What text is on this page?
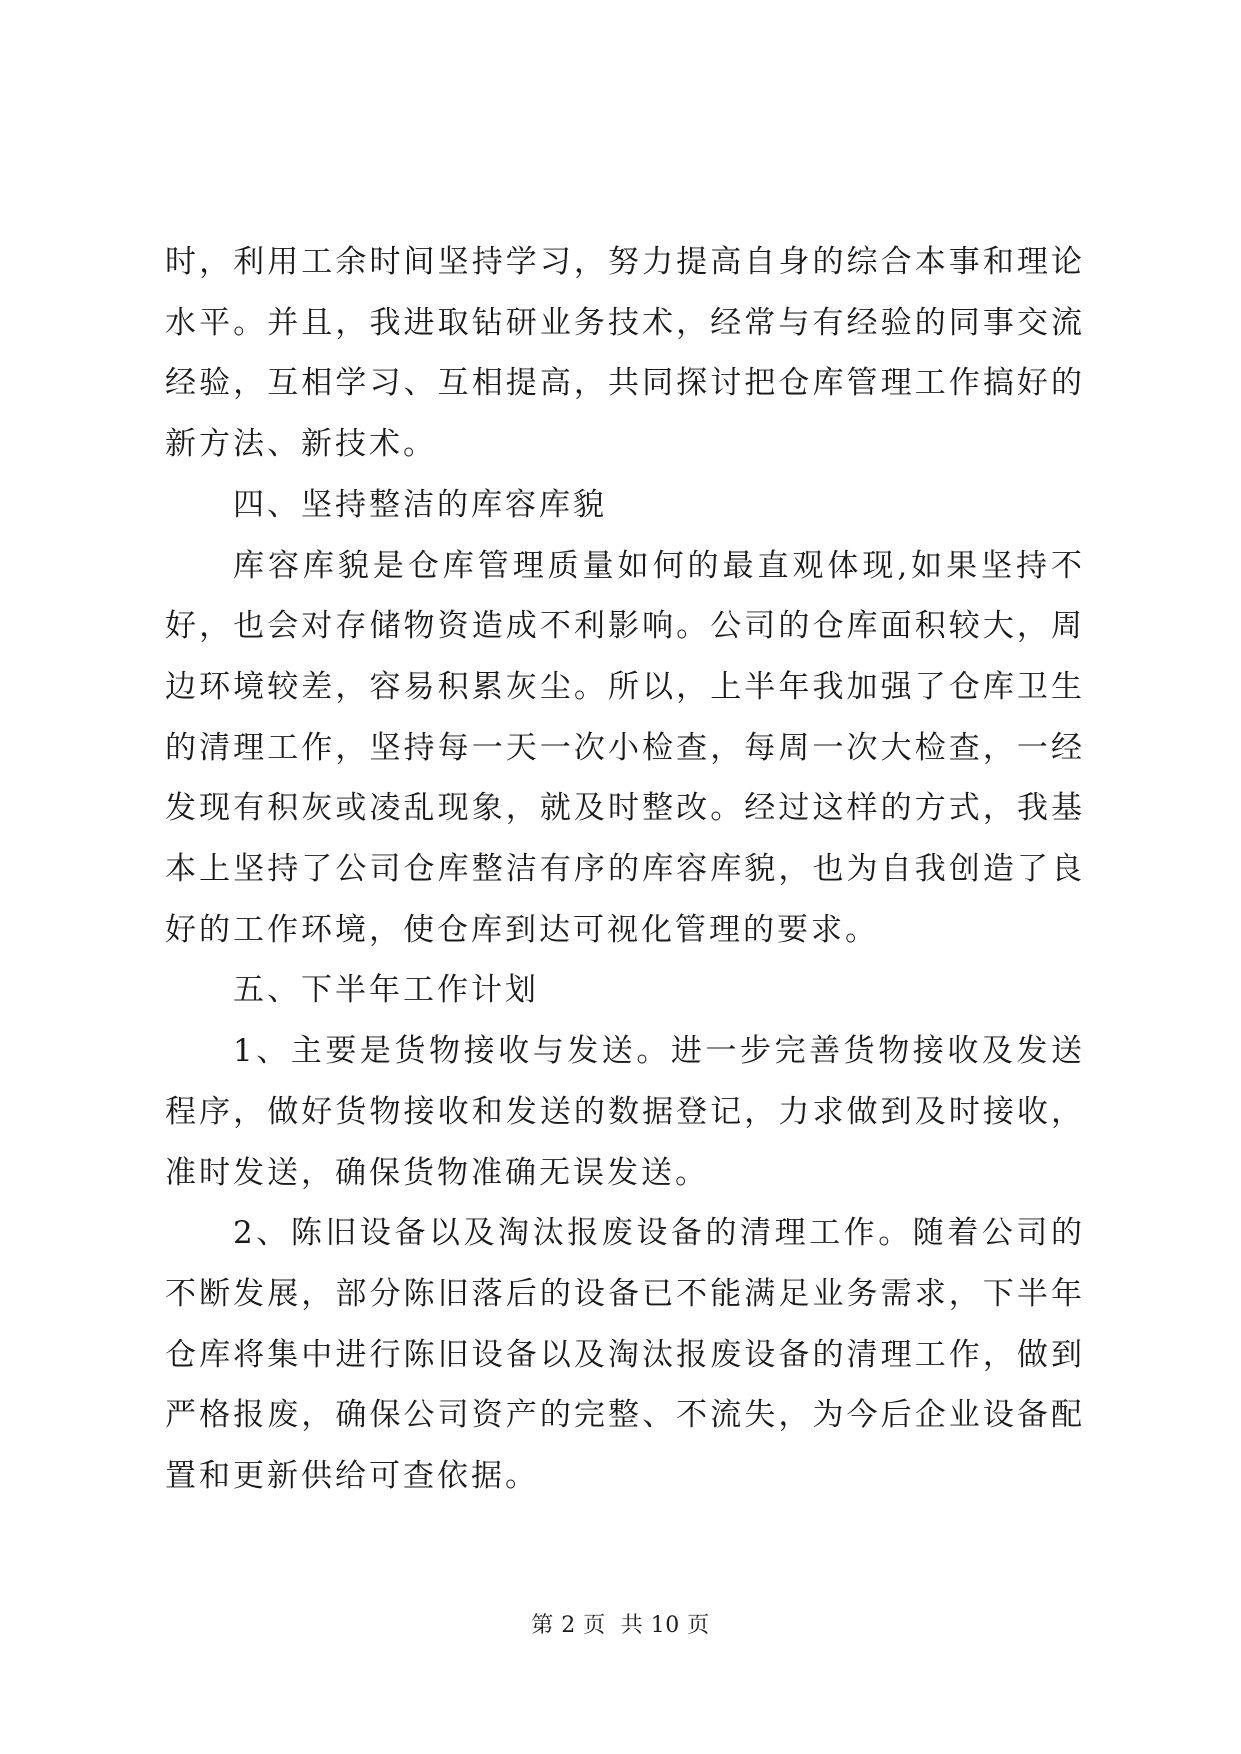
时，利用工余时间坚持学习，努力提高自身的综合本事和理论水平。并且，我进取钻研业务技术，经常与有经验的同事交流经验，互相学习、互相提高，共同探讨把仓库管理工作搞好的新方法、新技术。

四、坚持整洁的库容库貌

库容库貌是仓库管理质量如何的最直观体现,如果坚持不好，也会对存储物资造成不利影响。公司的仓库面积较大，周边环境较差，容易积累灰尘。所以，上半年我加强了仓库卫生的清理工作，坚持每一天一次小检查，每周一次大检查，一经发现有积灰或凌乱现象，就及时整改。经过这样的方式，我基本上坚持了公司仓库整洁有序的库容库貌，也为自我创造了良好的工作环境，使仓库到达可视化管理的要求。

五、下半年工作计划

1、主要是货物接收与发送。进一步完善货物接收及发送程序，做好货物接收和发送的数据登记，力求做到及时接收，准时发送，确保货物准确无误发送。

2、陈旧设备以及淘汰报废设备的清理工作。随着公司的不断发展，部分陈旧落后的设备已不能满足业务需求，下半年仓库将集中进行陈旧设备以及淘汰报废设备的清理工作，做到严格报废，确保公司资产的完整、不流失，为今后企业设备配置和更新供给可查依据。

第 2 页  共 10 页
